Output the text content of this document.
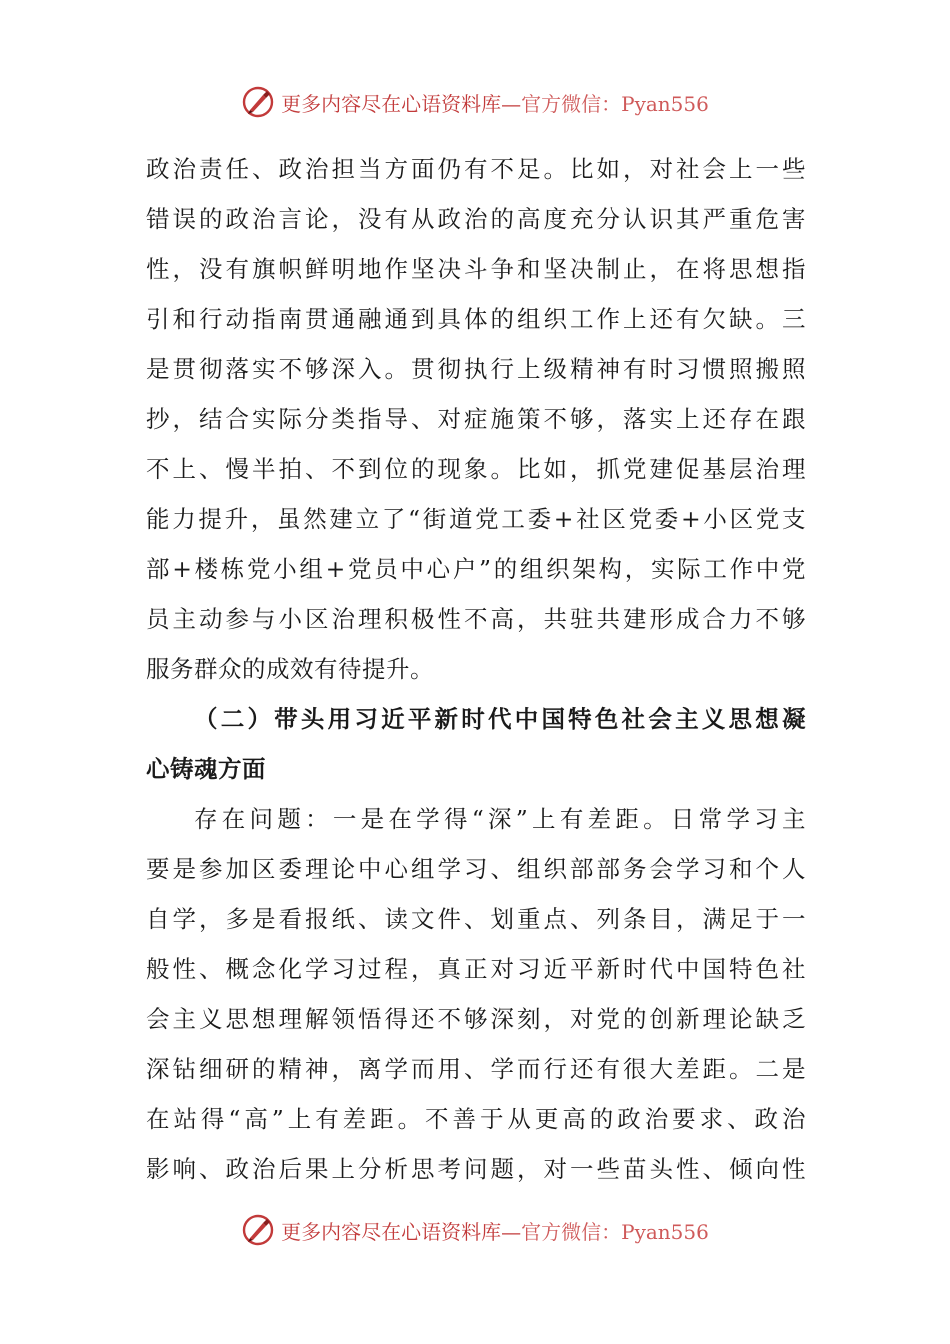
更多内容尽在心语资料库—官方微信：Pyan556
政治责任、政治担当方面仍有不足。比如，对社会上一些
错误的政治言论，没有从政治的高度充分认识其严重危害
性，没有旗帜鲜明地作坚决斗争和坚决制止，在将思想指
引和行动指南贯通融通到具体的组织工作上还有欠缺。三
是贯彻落实不够深入。贯彻执行上级精神有时习惯照搬照
抄，结合实际分类指导、对症施策不够，落实上还存在跟
不上、慢半拍、不到位的现象。比如，抓党建促基层治理
能力提升，虽然建立了“街道党工委+社区党委+小区党支
部+楼栋党小组+党员中心户”的组织架构，实际工作中党
员主动参与小区治理积极性不高，共驻共建形成合力不够
服务群众的成效有待提升。
（二）带头用习近平新时代中国特色社会主义思想凝
心铸魂方面
存在问题：一是在学得“深”上有差距。日常学习主
要是参加区委理论中心组学习、组织部部务会学习和个人
自学，多是看报纸、读文件、划重点、列条目，满足于一
般性、概念化学习过程，真正对习近平新时代中国特色社
会主义思想理解领悟得还不够深刻，对党的创新理论缺乏
深钻细研的精神，离学而用、学而行还有很大差距。二是
在站得“高”上有差距。不善于从更高的政治要求、政治
影响、政治后果上分析思考问题，对一些苗头性、倾向性
更多内容尽在心语资料库—官方微信：Pyan556
